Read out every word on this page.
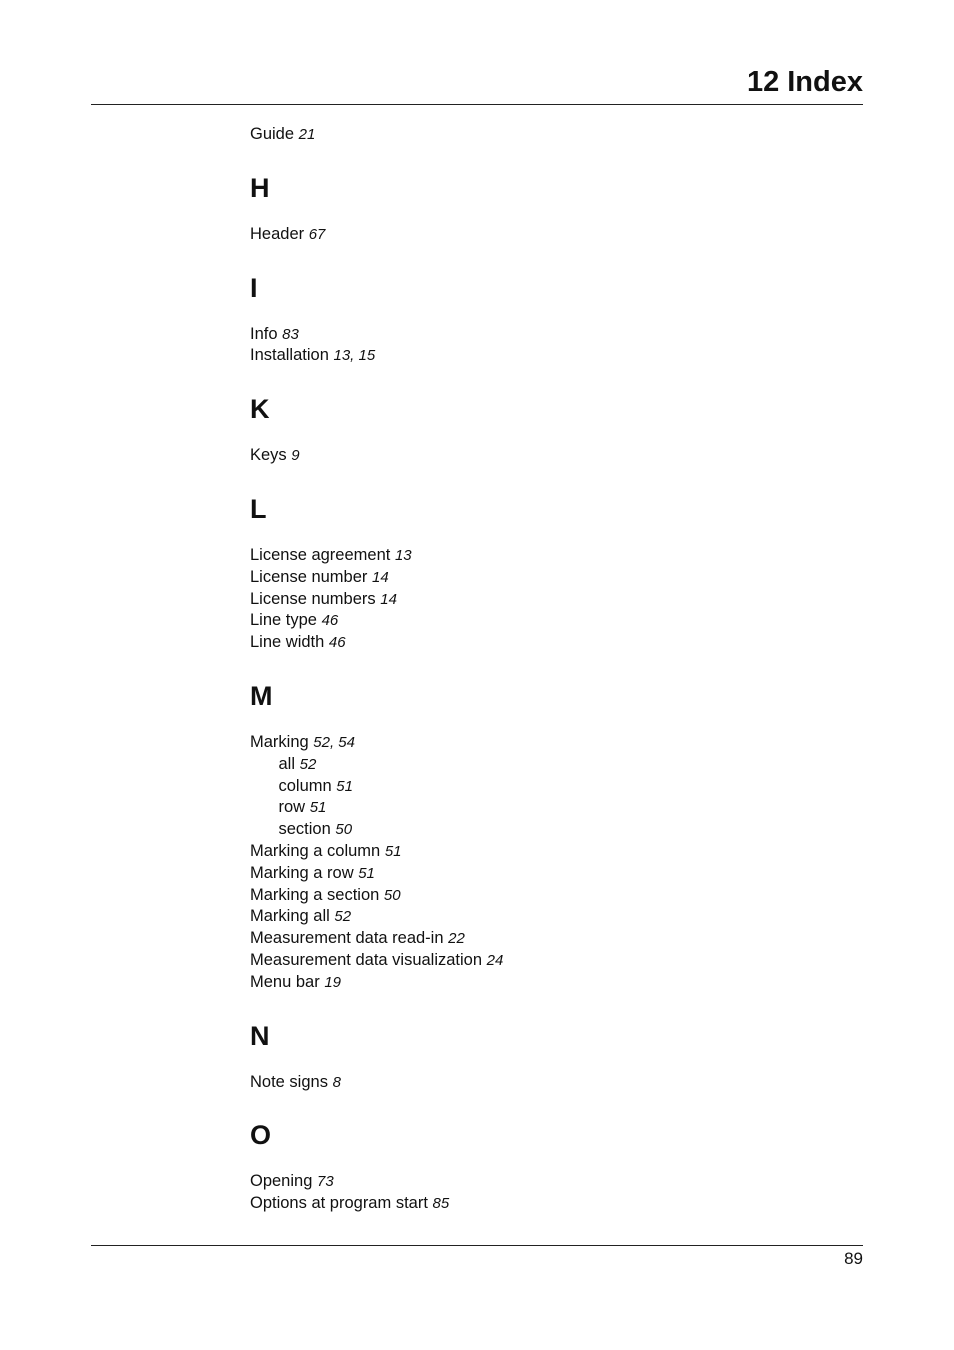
12 Index
Guide 21
H
Header 67
I
Info 83
Installation 13, 15
K
Keys 9
L
License agreement 13
License number 14
License numbers 14
Line type 46
Line width 46
M
Marking 52, 54
all 52
column 51
row 51
section 50
Marking a column 51
Marking a row 51
Marking a section 50
Marking all 52
Measurement data read-in 22
Measurement data visualization 24
Menu bar 19
N
Note signs 8
O
Opening 73
Options at program start 85
89
